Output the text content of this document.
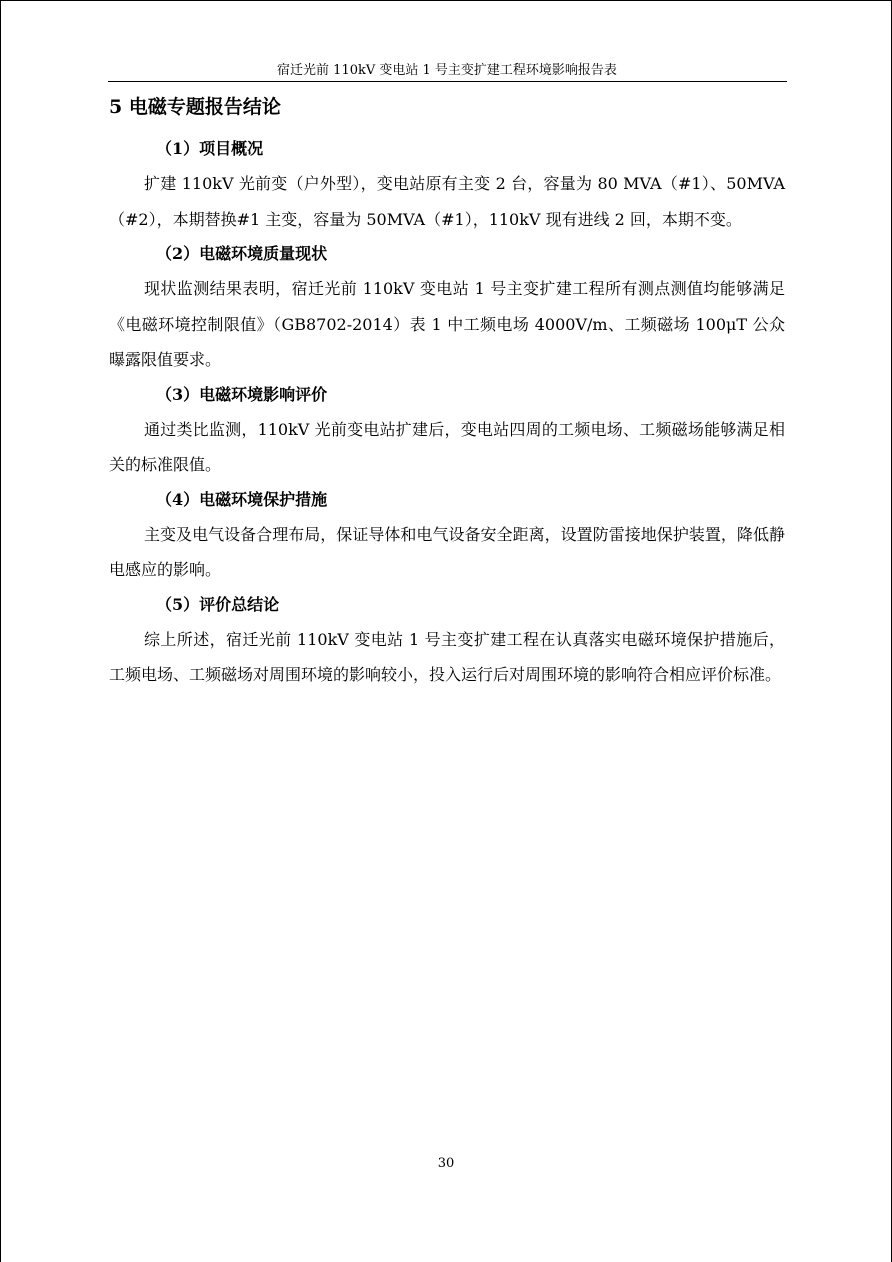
宿迁光前 110kV 变电站 1 号主变扩建工程环境影响报告表
5 电磁专题报告结论

（1）项目概况

扩建 110kV 光前变（户外型），变电站原有主变 2 台，容量为 80 MVA（#1）、50MVA（#2），本期替换#1 主变，容量为 50MVA（#1），110kV 现有进线 2 回，本期不变。

（2）电磁环境质量现状

现状监测结果表明，宿迁光前 110kV 变电站 1 号主变扩建工程所有测点测值均能够满足《电磁环境控制限值》（GB8702-2014）表 1 中工频电场 4000V/m、工频磁场 100μT 公众曝露限值要求。

（3）电磁环境影响评价

通过类比监测，110kV 光前变电站扩建后，变电站四周的工频电场、工频磁场能够满足相关的标准限值。

（4）电磁环境保护措施

主变及电气设备合理布局，保证导体和电气设备安全距离，设置防雷接地保护装置，降低静电感应的影响。

（5）评价总结论

综上所述，宿迁光前 110kV 变电站 1 号主变扩建工程在认真落实电磁环境保护措施后，工频电场、工频磁场对周围环境的影响较小，投入运行后对周围环境的影响符合相应评价标准。

30
